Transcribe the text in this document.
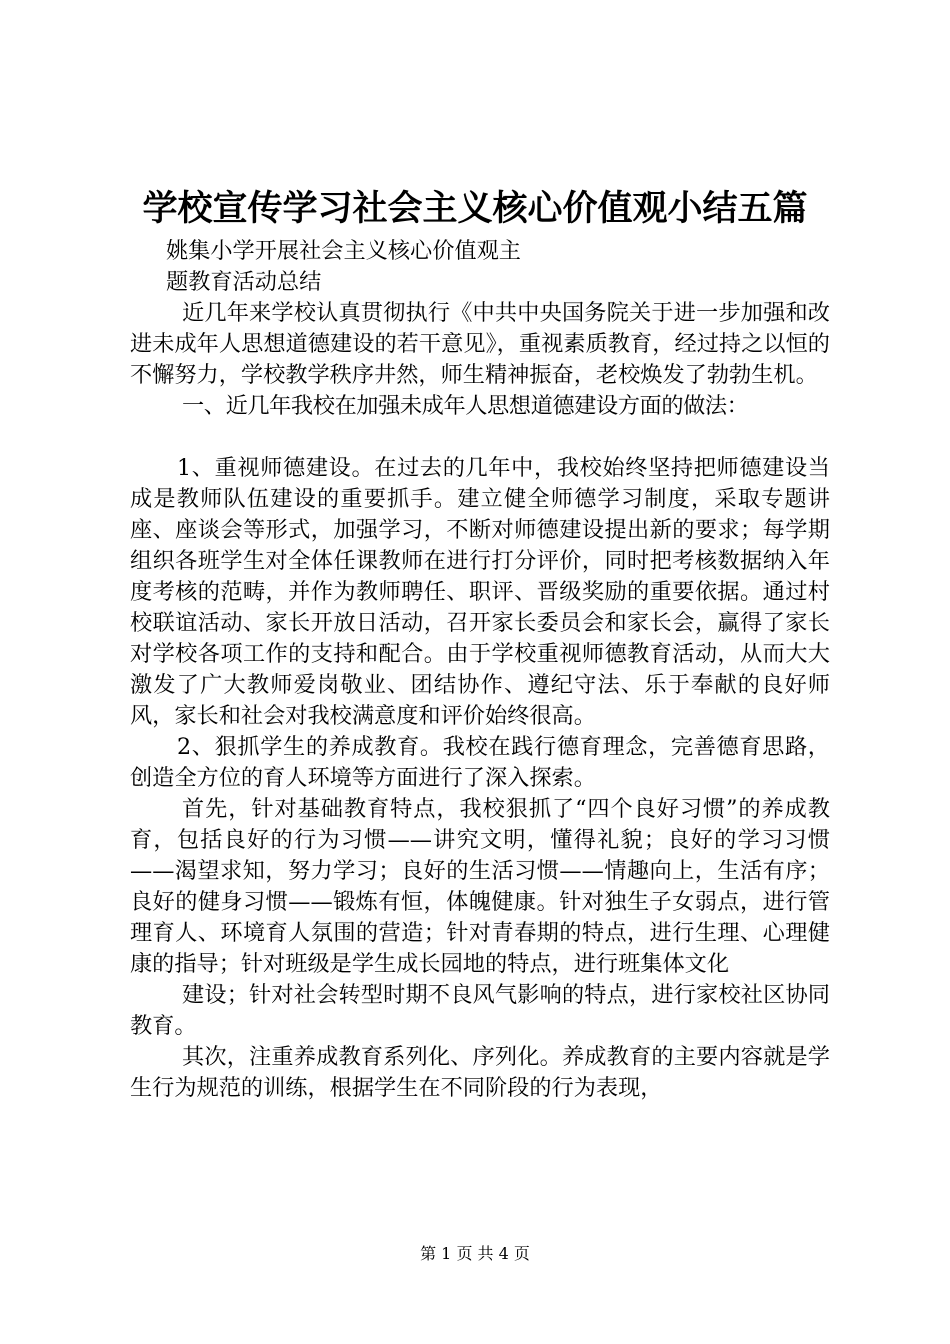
学校宣传学习社会主义核心价值观小结五篇

姚集小学开展社会主义核心价值观主

题教育活动总结

近几年来学校认真贯彻执行《中共中央国务院关于进一步加强和改进未成年人思想道德建设的若干意见》，重视素质教育，经过持之以恒的不懈努力，学校教学秩序井然，师生精神振奋，老校焕发了勃勃生机。

一、近几年我校在加强未成年人思想道德建设方面的做法：

1、重视师德建设。在过去的几年中，我校始终坚持把师德建设当成是教师队伍建设的重要抓手。建立健全师德学习制度，采取专题讲座、座谈会等形式，加强学习，不断对师德建设提出新的要求；每学期组织各班学生对全体任课教师在进行打分评价，同时把考核数据纳入年度考核的范畴，并作为教师聘任、职评、晋级奖励的重要依据。通过村校联谊活动、家长开放日活动，召开家长委员会和家长会，赢得了家长对学校各项工作的支持和配合。由于学校重视师德教育活动，从而大大激发了广大教师爱岗敬业、团结协作、遵纪守法、乐于奉献的良好师风，家长和社会对我校满意度和评价始终很高。

2、狠抓学生的养成教育。我校在践行德育理念，完善德育思路，创造全方位的育人环境等方面进行了深入探索。

首先，针对基础教育特点，我校狠抓了“四个良好习惯”的养成教育，包括良好的行为习惯——讲究文明，懂得礼貌；良好的学习习惯——渴望求知，努力学习；良好的生活习惯——情趣向上，生活有序；良好的健身习惯——锻炼有恒，体魄健康。针对独生子女弱点，进行管理育人、环境育人氛围的营造；针对青春期的特点，进行生理、心理健康的指导；针对班级是学生成长园地的特点，进行班集体文化

建设；针对社会转型时期不良风气影响的特点，进行家校社区协同教育。

其次，注重养成教育系列化、序列化。养成教育的主要内容就是学生行为规范的训练，根据学生在不同阶段的行为表现，

第 1 页 共 4 页
